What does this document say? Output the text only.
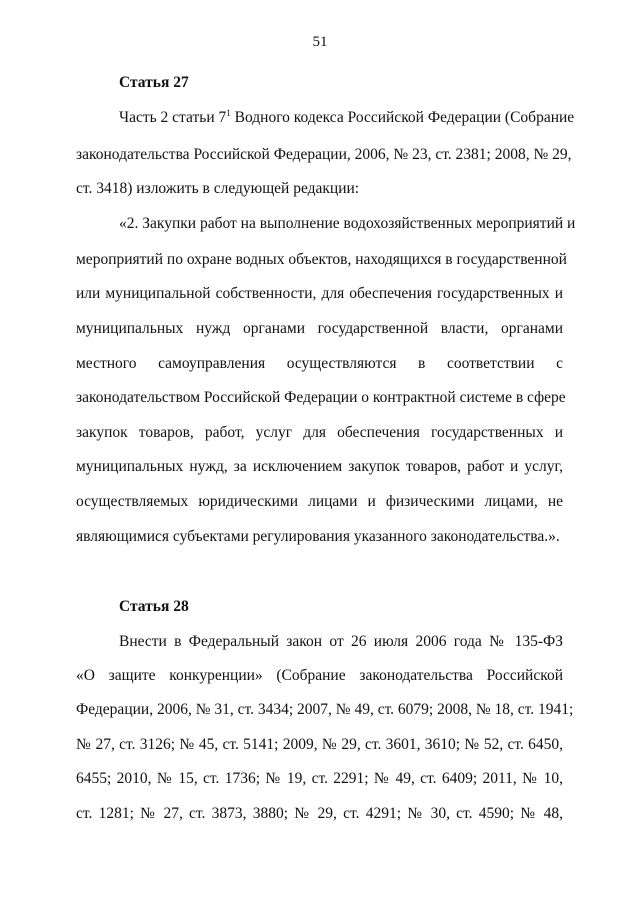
51
Статья 27
Часть 2 статьи $7^1$ Водного кодекса Российской Федерации (Собрание
законодательства Российской Федерации, 2006, № 23, ст. 2381; 2008, № 29,
ст. 3418) изложить в следующей редакции:
«2. Закупки работ на выполнение водохозяйственных мероприятий и
мероприятий по охране водных объектов, находящихся в государственной
или муниципальной собственности, для обеспечения государственных и
муниципальных нужд органами государственной власти, органами
местного самоуправления осуществляются в соответствии с
законодательством Российской Федерации о контрактной системе в сфере
закупок товаров, работ, услуг для обеспечения государственных и
муниципальных нужд, за исключением закупок товаров, работ и услуг,
осуществляемых юридическими лицами и физическими лицами, не
являющимися субъектами регулирования указанного законодательства.».
Статья 28
Внести в Федеральный закон от 26 июля 2006 года № 135-ФЗ
«О защите конкуренции» (Собрание законодательства Российской
Федерации, 2006, № 31, ст. 3434; 2007, № 49, ст. 6079; 2008, № 18, ст. 1941;
№ 27, ст. 3126; № 45, ст. 5141; 2009, № 29, ст. 3601, 3610; № 52, ст. 6450,
6455; 2010, № 15, ст. 1736; № 19, ст. 2291; № 49, ст. 6409; 2011, № 10,
ст. 1281; № 27, ст. 3873, 3880; № 29, ст. 4291; № 30, ст. 4590; № 48,
